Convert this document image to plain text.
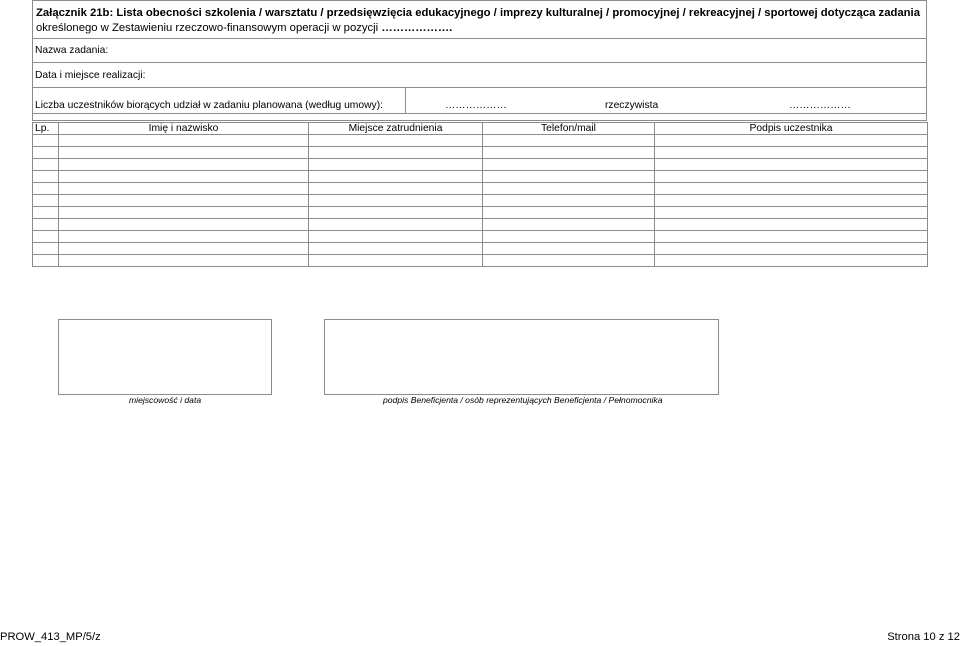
Załącznik 21b: Lista obecności szkolenia / warsztatu / przedsięwzięcia edukacyjnego / imprezy kulturalnej / promocyjnej / rekreacyjnej / sportowej dotycząca zadania
określonego w Zestawieniu rzeczowo-finansowym operacji w pozycji ……………….
Nazwa zadania:
Data i miejsce realizacji:
Liczba uczestników biorących udział w zadaniu planowana (według umowy):	………………	rzeczywista	………………
Lp.	Imię i nazwisko	Miejsce zatrudnienia	Telefon/mail	Podpis uczestnika

miejscowość i data	podpis Beneficjenta / osób reprezentujących Beneficjenta / Pełnomocnika
PROW_413_MP/5/z	Strona 10 z 12
